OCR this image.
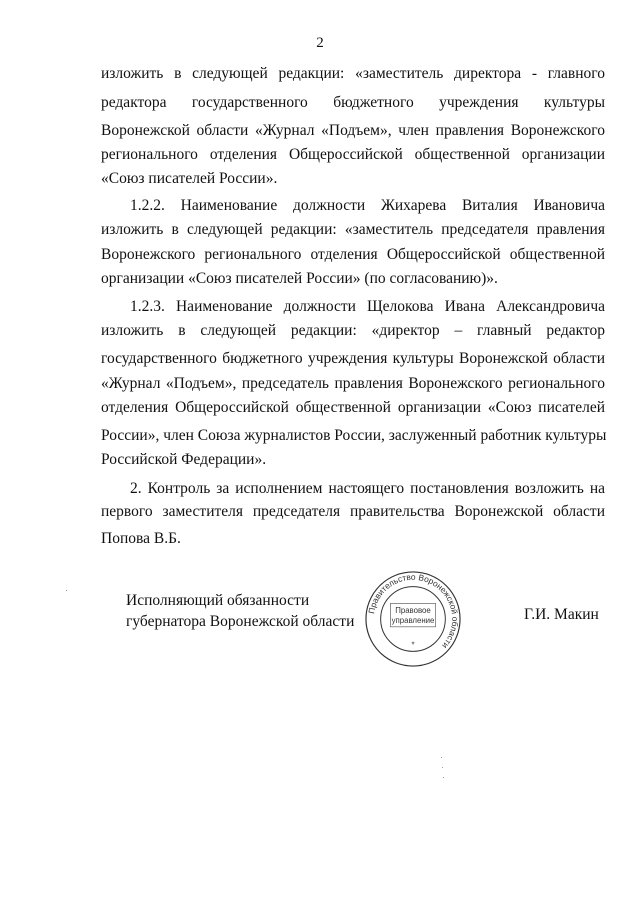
2
изложить в следующей редакции: «заместитель директора - главного
редактора государственного бюджетного учреждения культуры
Воронежской области «Журнал «Подъем», член правления Воронежского
регионального отделения Общероссийской общественной организации
«Союз писателей России».
1.2.2. Наименование должности Жихарева Виталия Ивановича
изложить в следующей редакции: «заместитель председателя правления
Воронежского регионального отделения Общероссийской общественной
организации «Союз писателей России» (по согласованию)».
1.2.3. Наименование должности Щелокова Ивана Александровича
изложить в следующей редакции: «директор – главный редактор
государственного бюджетного учреждения культуры Воронежской области
«Журнал «Подъем», председатель правления Воронежского регионального
отделения Общероссийской общественной организации «Союз писателей
России», член Союза журналистов России, заслуженный работник культуры
Российской Федерации».
2. Контроль за исполнением настоящего постановления возложить на
первого заместителя председателя правительства Воронежской области
Попова В.Б.
Исполняющий обязанности
губернатора Воронежской области
Правительство Воронежской области
Правовое
управление
*
Г.И. Макин
